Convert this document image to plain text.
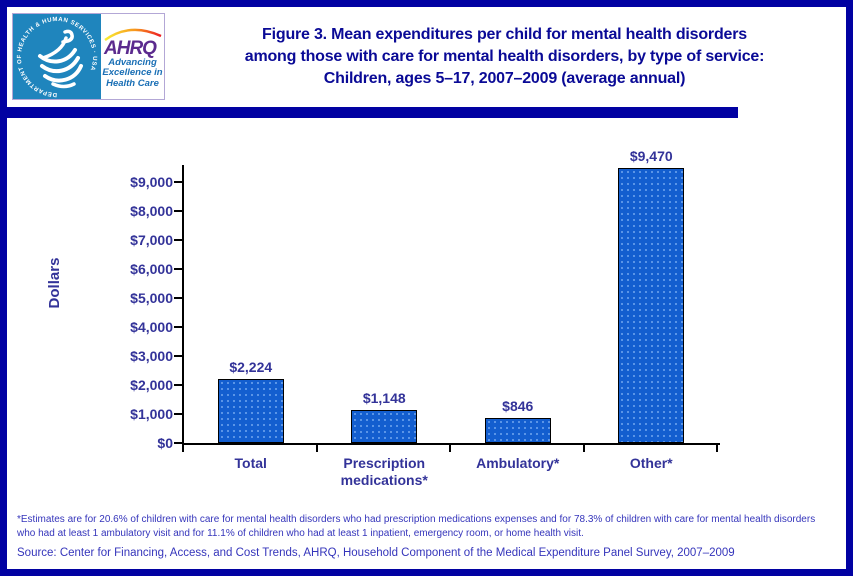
DEPARTMENT OF HEALTH & HUMAN SERVICES · USA
AHRQ
Advancing
Excellence in
Health Care
Figure 3. Mean expenditures per child for mental health disorders
among those with care for mental health disorders, by type of service:
Children, ages 5–17, 2007–2009 (average annual)
Dollars
$0
$1,000
$2,000
$3,000
$4,000
$5,000
$6,000
$7,000
$8,000
$9,000
$2,224
Total
$1,148
Prescription medications*
$846
Ambulatory*
$9,470
Other*
*Estimates are for 20.6% of children with care for mental health disorders who had prescription medications expenses and for 78.3% of children with care for mental health disorders who had at least 1 ambulatory visit and for 11.1% of children who had at least 1 inpatient, emergency room, or home health visit.
Source: Center for Financing, Access, and Cost Trends, AHRQ, Household Component of the Medical Expenditure Panel Survey, 2007–2009
